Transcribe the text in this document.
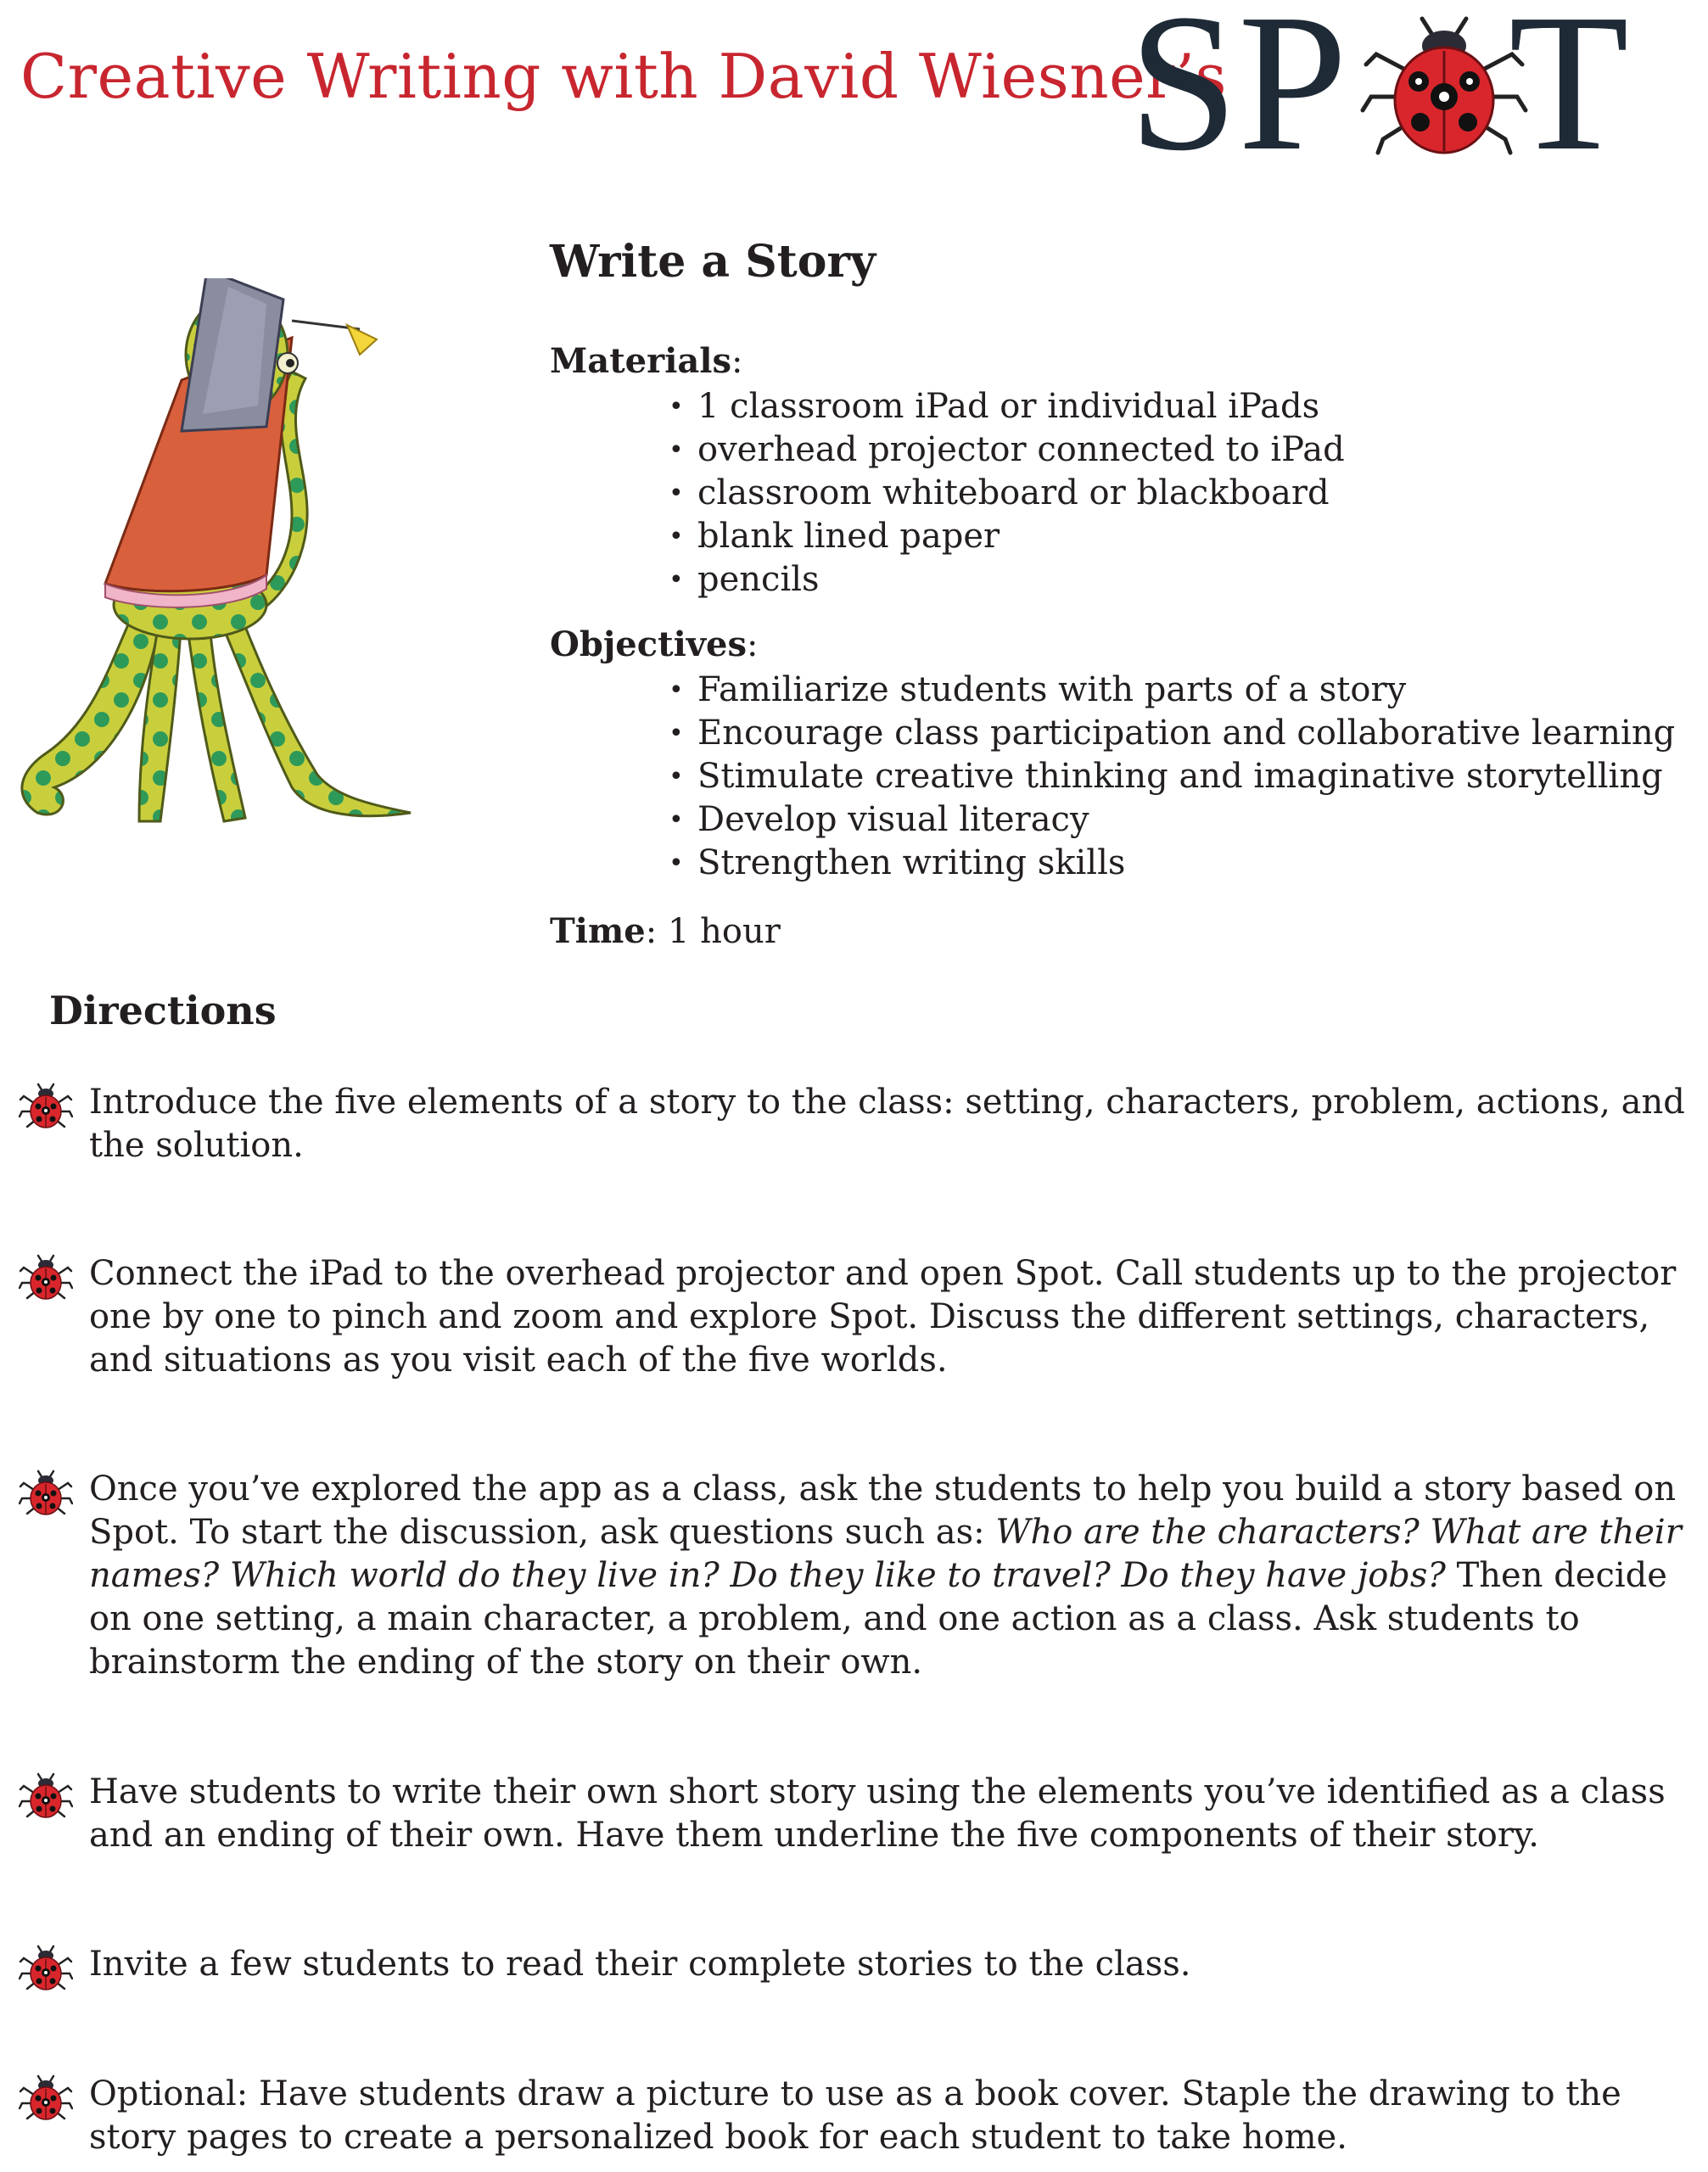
Creative Writing with David Wiesner’s
SP T
Write a Story
Materials:
• 1 classroom iPad or individual iPads
• overhead projector connected to iPad
• classroom whiteboard or blackboard
• blank lined paper
• pencils
Objectives:
• Familiarize students with parts of a story
• Encourage class participation and collaborative learning
• Stimulate creative thinking and imaginative storytelling
• Develop visual literacy
• Strengthen writing skills
Time: 1 hour
Directions

Introduce the five elements of a story to the class: setting, characters, problem, actions, and the solution.

Connect the iPad to the overhead projector and open Spot. Call students up to the projector one by one to pinch and zoom and explore Spot. Discuss the different settings, characters, and situations as you visit each of the five worlds.

Once you’ve explored the app as a class, ask the students to help you build a story based on Spot. To start the discussion, ask questions such as: Who are the characters? What are their names? Which world do they live in? Do they like to travel? Do they have jobs? Then decide on one setting, a main character, a problem, and one action as a class. Ask students to brainstorm the ending of the story on their own.

Have students to write their own short story using the elements you’ve identified as a class and an ending of their own. Have them underline the five components of their story.

Invite a few students to read their complete stories to the class.

Optional: Have students draw a picture to use as a book cover. Staple the drawing to the story pages to create a personalized book for each student to take home.
